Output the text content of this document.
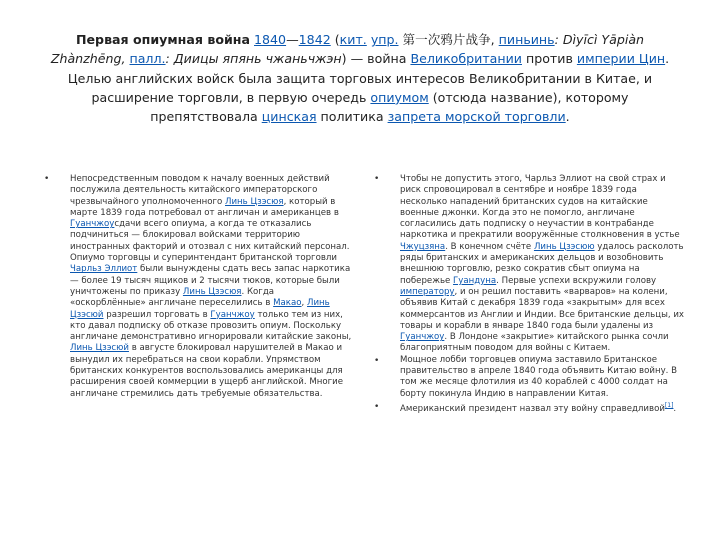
Первая опиумная война 1840—1842 (кит. упр. 第一次鸦片战争, пиньинь: Dìyīcì Yāpiàn Zhànzhēng, палл.: Диицы япянь чжаньчжэн) — война Великобритании против империи Цин. Целью английских войск была защита торговых интересов Великобритании в Китае, и расширение торговли, в первую очередь опиумом (отсюда название), которому препятствовала цинская политика запрета морской торговли.
• Непосредственным поводом к началу военных действий послужила деятельность китайского императорского чрезвычайного уполномоченного Линь Цзэсюя, который в марте 1839 года потребовал от англичан и американцев в Гуанчжоусдачи всего опиума, а когда те отказались подчиниться — блокировал войсками территорию иностранных факторий и отозвал с них китайский персонал. Опиумо торговцы и суперинтендант британской торговли Чарльз Эллиот были вынуждены сдать весь запас наркотика — более 19 тысяч ящиков и 2 тысячи тюков, которые были уничтожены по приказу Линь Цзэсюя. Когда «оскорблённые» англичане переселились в Макао, Линь Цзэсюй разрешил торговать в Гуанчжоу только тем из них, кто давал подписку об отказе провозить опиум. Поскольку англичане демонстративно игнорировали китайские законы, Линь Цзэсюй в августе блокировал нарушителей в Макао и вынудил их перебраться на свои корабли. Упрямством британских конкурентов воспользовались американцы для расширения своей коммерции в ущерб английской. Многие англичане стремились дать требуемые обязательства.

•
•
•

Чтобы не допустить этого, Чарльз Эллиот на свой страх и риск спровоцировал в сентябре и ноябре 1839 года несколько нападений британских судов на китайские военные джонки. Когда это не помогло, англичане согласились дать подписку о неучастии в контрабанде наркотика и прекратили вооружённые столкновения в устье Чжуцзяна. В конечном счёте Линь Цзэсюю удалось расколоть ряды британских и американских дельцов и возобновить внешнюю торговлю, резко сократив сбыт опиума на побережье Гуандуна. Первые успехи вскружили голову императору, и он решил поставить «варваров» на колени, объявив Китай с декабря 1839 года «закрытым» для всех коммерсантов из Англии и Индии. Все британские дельцы, их товары и корабли в январе 1840 года были удалены из Гуанчжоу. В Лондоне «закрытие» китайского рынка сочли благоприятным поводом для войны с Китаем.

Мощное лобби торговцев опиума заставило Британское правительство в апреле 1840 года объявить Китаю войну. В том же месяце флотилия из 40 кораблей с 4000 солдат на борту покинула Индию в направлении Китая.

Американский президент назвал эту войну справедливой[1].
